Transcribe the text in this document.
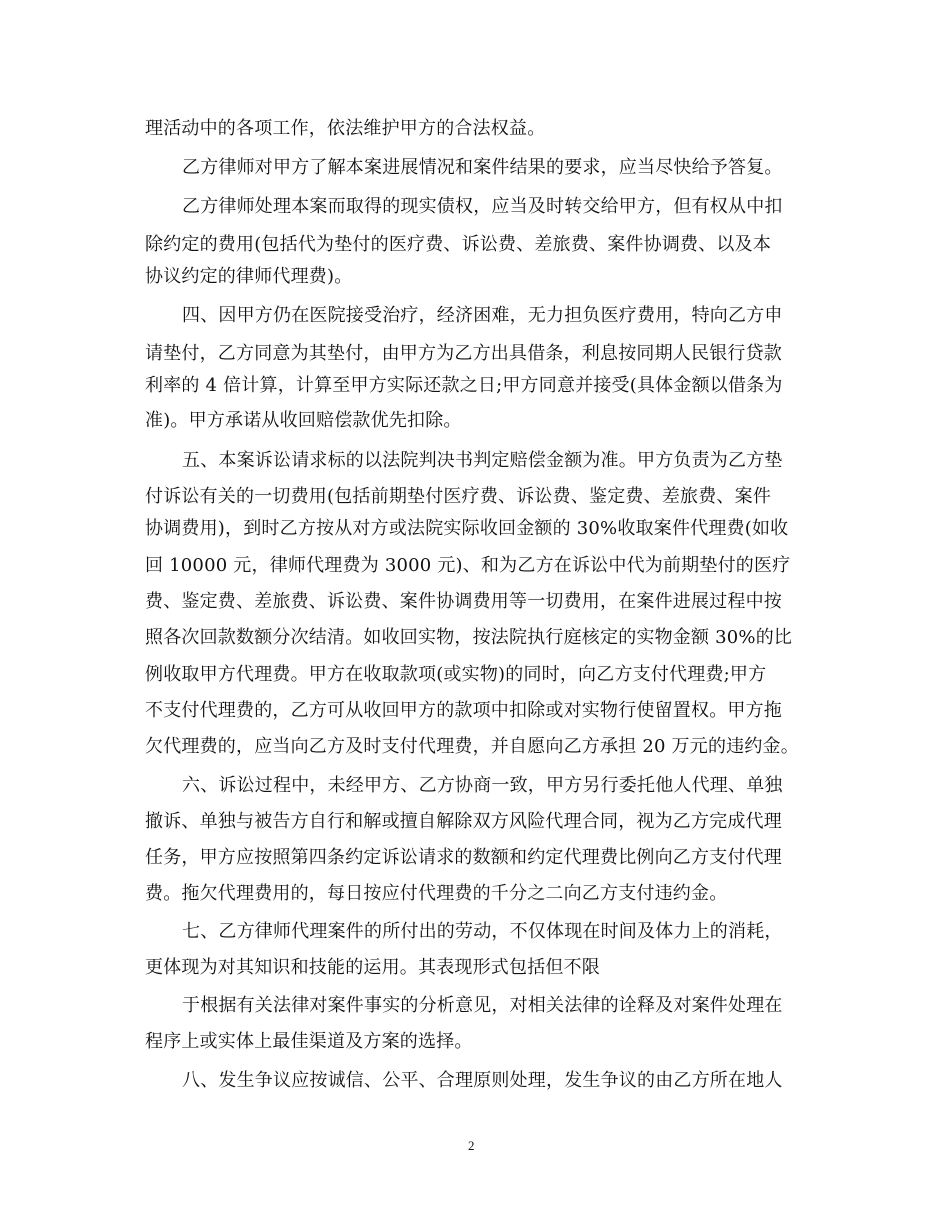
理活动中的各项工作，依法维护甲方的合法权益。
乙方律师对甲方了解本案进展情况和案件结果的要求，应当尽快给予答复。
乙方律师处理本案而取得的现实债权，应当及时转交给甲方，但有权从中扣
除约定的费用(包括代为垫付的医疗费、诉讼费、差旅费、案件协调费、以及本
协议约定的律师代理费)。
四、因甲方仍在医院接受治疗，经济困难，无力担负医疗费用，特向乙方申
请垫付，乙方同意为其垫付，由甲方为乙方出具借条，利息按同期人民银行贷款
利率的 4 倍计算，计算至甲方实际还款之日;甲方同意并接受(具体金额以借条为
准)。甲方承诺从收回赔偿款优先扣除。
五、本案诉讼请求标的以法院判决书判定赔偿金额为准。甲方负责为乙方垫
付诉讼有关的一切费用(包括前期垫付医疗费、诉讼费、鉴定费、差旅费、案件
协调费用)，到时乙方按从对方或法院实际收回金额的 30%收取案件代理费(如收
回 10000 元，律师代理费为 3000 元)、和为乙方在诉讼中代为前期垫付的医疗
费、鉴定费、差旅费、诉讼费、案件协调费用等一切费用，在案件进展过程中按
照各次回款数额分次结清。如收回实物，按法院执行庭核定的实物金额 30%的比
例收取甲方代理费。甲方在收取款项(或实物)的同时，向乙方支付代理费;甲方
不支付代理费的，乙方可从收回甲方的款项中扣除或对实物行使留置权。甲方拖
欠代理费的，应当向乙方及时支付代理费，并自愿向乙方承担 20 万元的违约金。
六、诉讼过程中，未经甲方、乙方协商一致，甲方另行委托他人代理、单独
撤诉、单独与被告方自行和解或擅自解除双方风险代理合同，视为乙方完成代理
任务，甲方应按照第四条约定诉讼请求的数额和约定代理费比例向乙方支付代理
费。拖欠代理费用的，每日按应付代理费的千分之二向乙方支付违约金。
七、乙方律师代理案件的所付出的劳动，不仅体现在时间及体力上的消耗，
更体现为对其知识和技能的运用。其表现形式包括但不限
于根据有关法律对案件事实的分析意见，对相关法律的诠释及对案件处理在
程序上或实体上最佳渠道及方案的选择。
八、发生争议应按诚信、公平、合理原则处理，发生争议的由乙方所在地人
2
